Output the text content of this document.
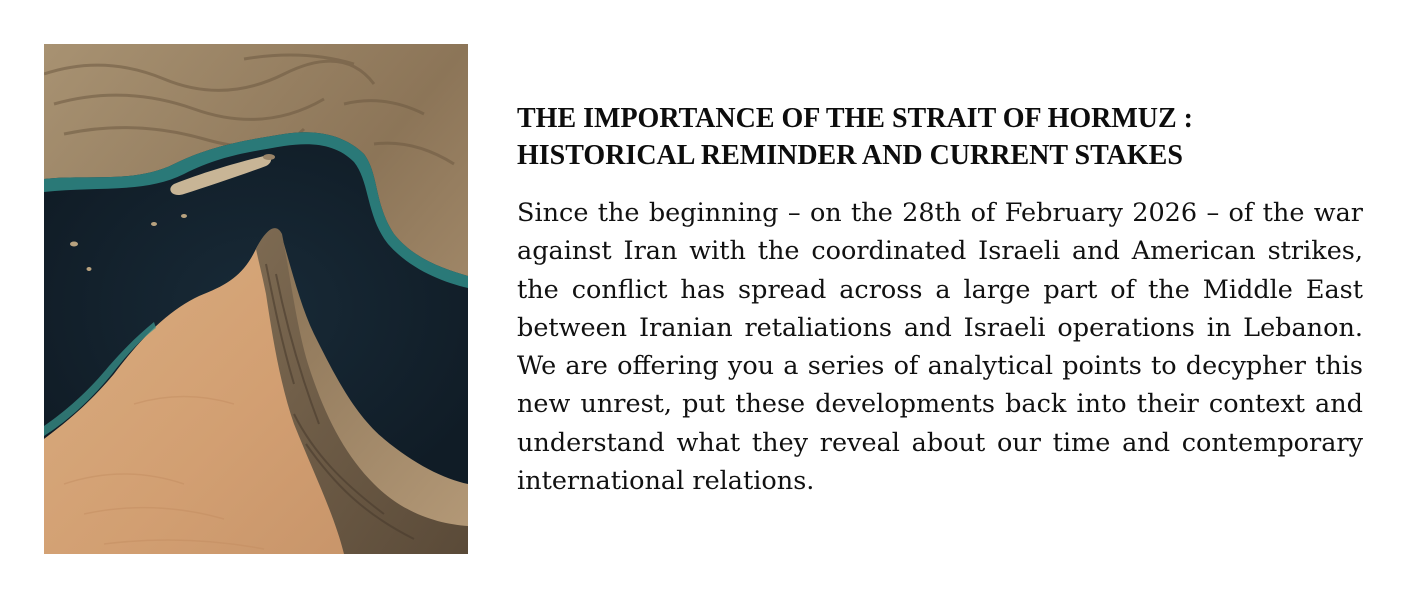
THE IMPORTANCE OF THE STRAIT OF HORMUZ :
HISTORICAL REMINDER AND CURRENT STAKES

Since the beginning – on the 28th of February 2026 – of the war against Iran with the coordinated Israeli and American strikes, the conflict has spread across a large part of the Middle East between Iranian retaliations and Israeli operations in Lebanon. We are offering you a series of analytical points to decypher this new unrest, put these developments back into their context and understand what they reveal about our time and contemporary international relations.
